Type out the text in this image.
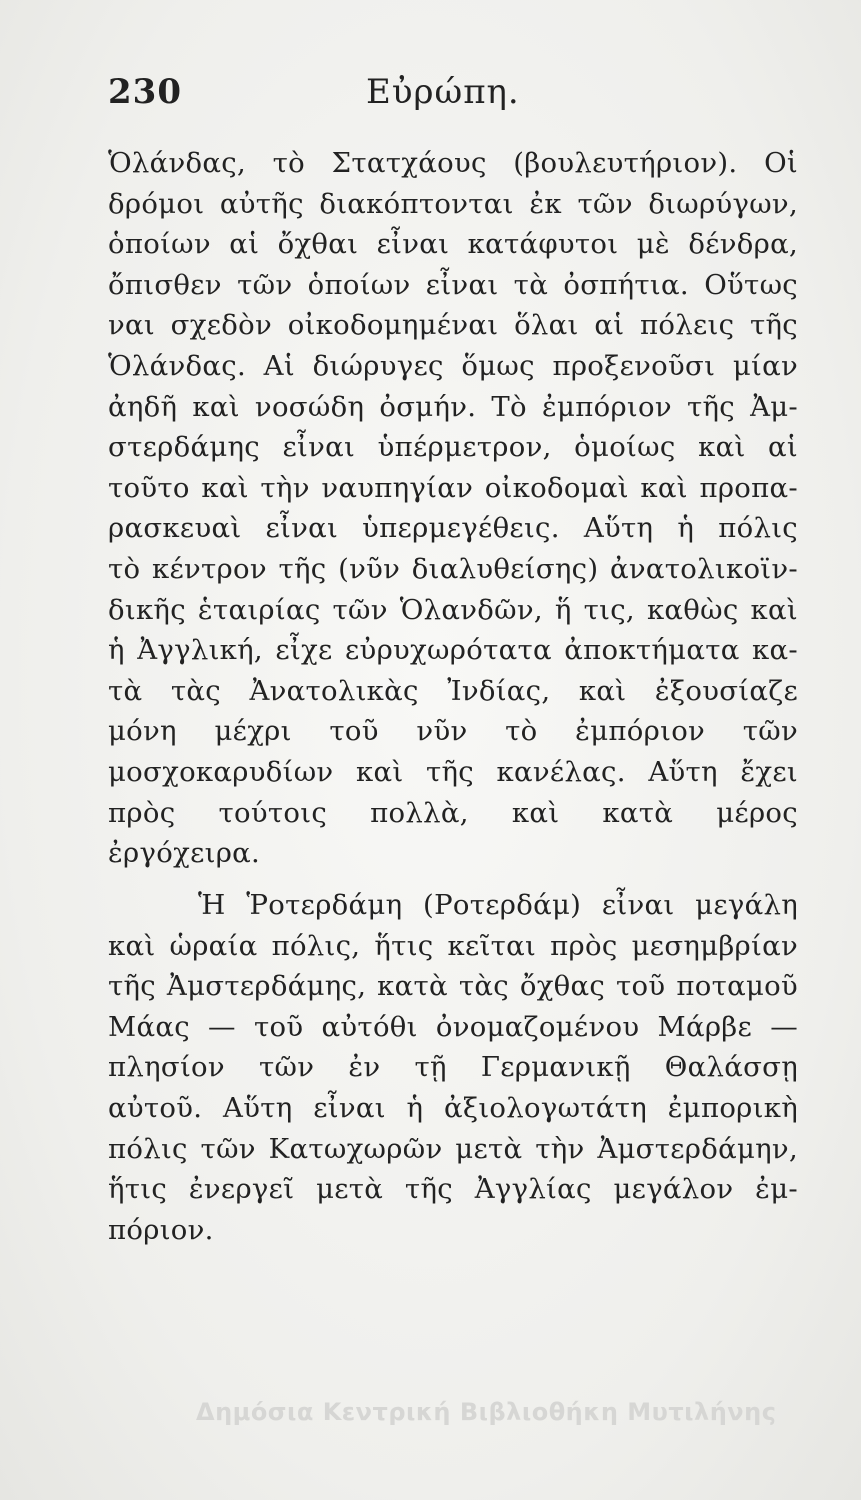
230	Εὐρώπη.
Ὁλάνδας, τὸ Στατχάους (βουλευτήριον). Οἱ
δρόμοι αὐτῆς διακόπτονται ἐκ τῶν διωρύγων,
ὁποίων αἱ ὄχθαι εἶναι κατάφυτοι μὲ δένδρα,
ὄπισθεν τῶν ὁποίων εἶναι τὰ ὀσπήτια. Οὕτως
ναι σχεδὸν οἰκοδομημέναι ὅλαι αἱ πόλεις τῆς
Ὁλάνδας. Αἱ διώρυγες ὅμως προξενοῦσι μίαν
ἀηδῆ καὶ νοσώδη ὀσμήν. Τὸ ἐμπόριον τῆς Ἀμ-
στερδάμης εἶναι ὑπέρμετρον, ὁμοίως καὶ αἱ
τοῦτο καὶ τὴν ναυπηγίαν οἰκοδομαὶ καὶ προπα-
ρασκευαὶ εἶναι ὑπερμεγέθεις. Αὕτη ἡ πόλις
τὸ κέντρον τῆς (νῦν διαλυθείσης) ἀνατολικοϊν-
δικῆς ἑταιρίας τῶν Ὁλανδῶν, ἥ τις, καθὼς καὶ
ἡ Ἀγγλική, εἶχε εὐρυχωρότατα ἀποκτήματα κα-
τὰ τὰς Ἀνατολικὰς Ἰνδίας, καὶ ἐξουσίαζε
μόνη μέχρι τοῦ νῦν τὸ ἐμπόριον τῶν
μοσχοκαρυδίων καὶ τῆς κανέλας. Αὕτη ἔχει
πρὸς τούτοις πολλὰ, καὶ κατὰ μέρος
ἐργόχειρα.
Ἡ Ῥοτερδάμη (Ροτερδάμ) εἶναι μεγάλη
καὶ ὡραία πόλις, ἥτις κεῖται πρὸς μεσημβρίαν
τῆς Ἀμστερδάμης, κατὰ τὰς ὄχθας τοῦ ποταμοῦ
Μάας — τοῦ αὐτόθι ὀνομαζομένου Μάρβε —
πλησίον τῶν ἐν τῇ Γερμανικῇ Θαλάσσῃ
αὐτοῦ. Αὕτη εἶναι ἡ ἀξιολογωτάτη ἐμπορικὴ
πόλις τῶν Κατωχωρῶν μετὰ τὴν Ἀμστερδάμην,
ἥτις ἐνεργεῖ μετὰ τῆς Ἀγγλίας μεγάλον ἐμ-
πόριον.
Δημόσια Κεντρική Βιβλιοθήκη Μυτιλήνης
